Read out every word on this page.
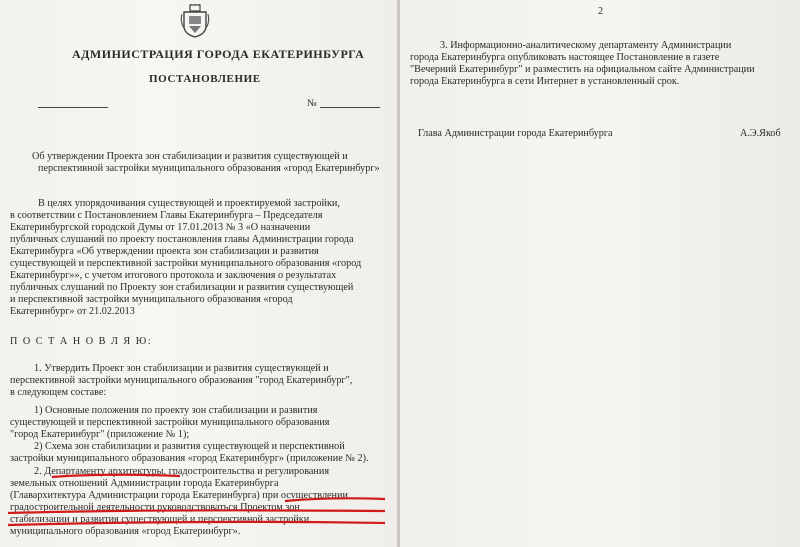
АДМИНИСТРАЦИЯ ГОРОДА ЕКАТЕРИНБУРГА
ПОСТАНОВЛЕНИЕ
№
Об утверждении Проекта зон стабилизации и развития существующей и
перспективной застройки муниципального образования «город Екатеринбург»
В целях упорядочивания существующей и проектируемой застройки,
в соответствии с Постановлением Главы Екатеринбурга – Председателя
Екатеринбургской городской Думы от 17.01.2013 № 3 «О назначении
публичных слушаний по проекту постановления главы Администрации города
Екатеринбурга «Об утверждении проекта зон стабилизации и развития
существующей и перспективной застройки муниципального образования «город
Екатеринбург»», с учетом итогового протокола и заключения о результатах
публичных слушаний по Проекту зон стабилизации и развития существующей
и перспективной застройки муниципального образования «город
Екатеринбург» от 21.02.2013
П О С Т А Н О В Л Я Ю:
1. Утвердить Проект зон стабилизации и развития существующей и
перспективной застройки муниципального образования "город Екатеринбург",
в следующем составе:
1) Основные положения по проекту зон стабилизации и развития
существующей и перспективной застройки муниципального образования
"город Екатеринбург" (приложение № 1);
2) Схема зон стабилизации и развития существующей и перспективной
застройки муниципального образования «город Екатеринбург» (приложение № 2).
2. Департаменту архитектуры, градостроительства и регулирования
земельных отношений Администрации города Екатеринбурга
(Главархитектура Администрации города Екатеринбурга) при осуществлении
градостроительной деятельности руководствоваться Проектом зон
стабилизации и развития существующей и перспективной застройки
муниципального образования «город Екатеринбург».
2
3. Информационно-аналитическому департаменту Администрации
города Екатеринбурга опубликовать настоящее Постановление в газете
"Вечерний Екатеринбург" и разместить на официальном сайте Администрации
города Екатеринбурга в сети Интернет в установленный срок.
Глава Администрации города Екатеринбурга	А.Э.Якоб
